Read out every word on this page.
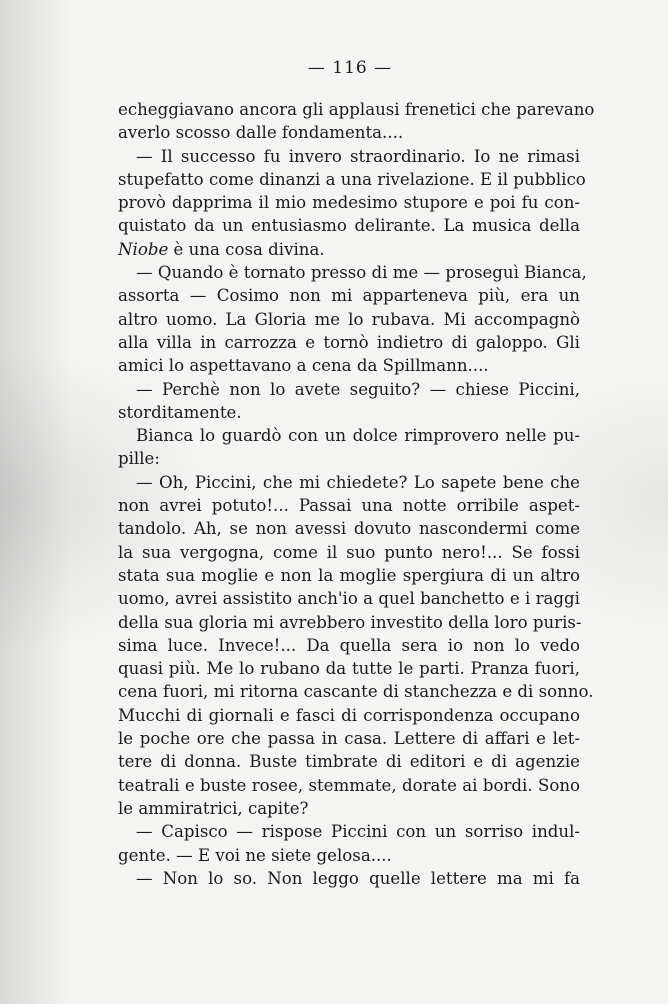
— 116 —
echeggiavano ancora gli applausi frenetici che parevano
averlo scosso dalle fondamenta....
— Il successo fu invero straordinario. Io ne rimasi
stupefatto come dinanzi a una rivelazione. E il pubblico
provò dapprima il mio medesimo stupore e poi fu con-
quistato da un entusiasmo delirante. La musica della
Niobe è una cosa divina.
— Quando è tornato presso di me — proseguì Bianca,
assorta — Cosimo non mi apparteneva più, era un
altro uomo. La Gloria me lo rubava. Mi accompagnò
alla villa in carrozza e tornò indietro di galoppo. Gli
amici lo aspettavano a cena da Spillmann....
— Perchè non lo avete seguito? — chiese Piccini,
storditamente.
Bianca lo guardò con un dolce rimprovero nelle pu-
pille:
— Oh, Piccini, che mi chiedete? Lo sapete bene che
non avrei potuto!... Passai una notte orribile aspet-
tandolo. Ah, se non avessi dovuto nascondermi come
la sua vergogna, come il suo punto nero!... Se fossi
stata sua moglie e non la moglie spergiura di un altro
uomo, avrei assistito anch'io a quel banchetto e i raggi
della sua gloria mi avrebbero investito della loro puris-
sima luce. Invece!... Da quella sera io non lo vedo
quasi più. Me lo rubano da tutte le parti. Pranza fuori,
cena fuori, mi ritorna cascante di stanchezza e di sonno.
Mucchi di giornali e fasci di corrispondenza occupano
le poche ore che passa in casa. Lettere di affari e let-
tere di donna. Buste timbrate di editori e di agenzie
teatrali e buste rosee, stemmate, dorate ai bordi. Sono
le ammiratrici, capite?
— Capisco — rispose Piccini con un sorriso indul-
gente. — E voi ne siete gelosa....
— Non lo so. Non leggo quelle lettere ma mi fa
